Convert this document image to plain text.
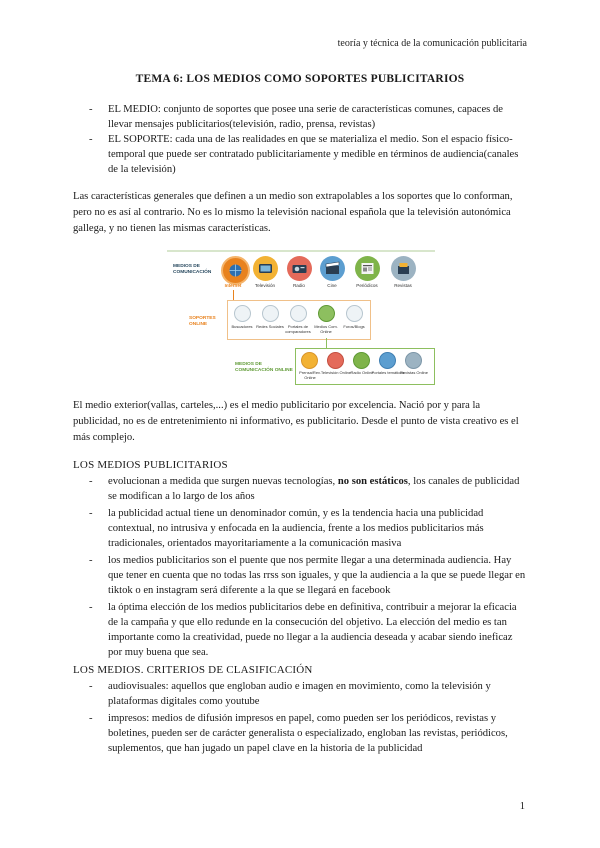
teoría y técnica de la comunicación publicitaria
TEMA 6: LOS MEDIOS COMO SOPORTES PUBLICITARIOS
- EL MEDIO: conjunto de soportes que posee una serie de características comunes, capaces de llevar mensajes publicitarios(televisión, radio, prensa, revistas)
- EL SOPORTE: cada una de las realidades en que se materializa el medio. Son el espacio físico-temporal que puede ser contratado publicitariamente y medible en términos de audiencia(canales de la televisión)
Las características generales que definen a un medio son extrapolables a los soportes que lo conforman, pero no es así al contrario. No es lo mismo la televisión nacional española que la televisión autonómica gallega, y no tienen las mismas características.
MEDIOS DE
COMUNICACIÓN
Internet	Televisión	Radio	Cine	Periódicos	Revistas
SOPORTES
ONLINE	Buscadores Redes Sociales Portales de comparadores
Medios Com. Online
Foros/Blogs
MEDIOS DE
COMUNICACIÓN ONLINE	Prensa/Rev. Online
Televisión Online Radio Online
Portales temáticos
Revistas Online
El medio exterior(vallas, carteles,...) es el medio publicitario por excelencia. Nació por y para la publicidad, no es de entretenimiento ni informativo, es publicitario. Desde el punto de vista creativo es el más complejo.
LOS MEDIOS PUBLICITARIOS
- evolucionan a medida que surgen nuevas tecnologías, no son estáticos, los canales de publicidad se modifican a lo largo de los años
- la publicidad actual tiene un denominador común, y es la tendencia hacia una publicidad contextual, no intrusiva y enfocada en la audiencia, frente a los medios publicitarios más tradicionales, orientados mayoritariamente a la comunicación masiva
- los medios publicitarios son el puente que nos permite llegar a una determinada audiencia. Hay que tener en cuenta que no todas las rrss son iguales, y que la audiencia a la que se puede llegar en tiktok o en instagram será diferente a la que se llegará en facebook
- la óptima elección de los medios publicitarios debe en definitiva, contribuir a mejorar la eficacia de la campaña y que ello redunde en la consecución del objetivo. La elección del medio es tan importante como la creatividad, puede no llegar a la audiencia deseada y acabar siendo ineficaz por muy buena que sea.
LOS MEDIOS. CRITERIOS DE CLASIFICACIÓN
- audiovisuales: aquellos que engloban audio e imagen en movimiento, como la televisión y plataformas digitales como youtube
- impresos: medios de difusión impresos en papel, como pueden ser los periódicos, revistas y boletines, pueden ser de carácter generalista o especializado, engloban las revistas, periódicos, suplementos, que han jugado un papel clave en la historia de la publicidad
1
